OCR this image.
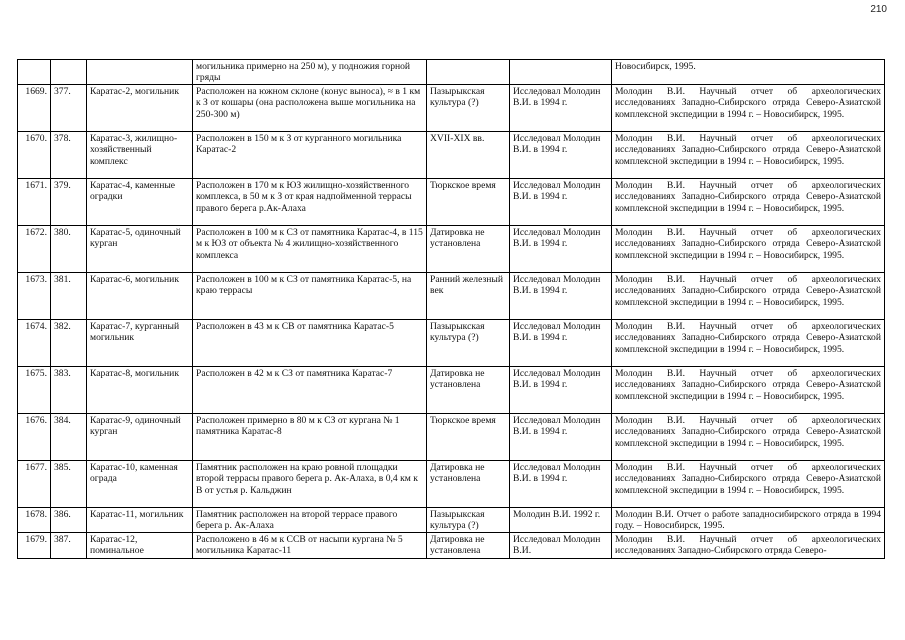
210
			могильника примерно на 250 м), у подножия горной гряды			Новосибирск, 1995.
1669.	377.	Каратас-2, могильник	Расположен на южном склоне (конус выноса), ≈ в 1 км к З от кошары (она расположена выше могильника на 250-300 м)	Пазырыкская культура (?)	Исследовал Молодин В.И. в 1994 г.	Молодин В.И. Научный отчет об археологических исследованиях Западно-Сибирского отряда Северо-Азиатской комплексной экспедиции в 1994 г. – Новосибирск, 1995.
1670.	378.	Каратас-3, жилищно-хозяйственный комплекс	Расположен в 150 м к З от курганного могильника Каратас-2	XVII-XIX вв.	Исследовал Молодин В.И. в 1994 г.	Молодин В.И. Научный отчет об археологических исследованиях Западно-Сибирского отряда Северо-Азиатской комплексной экспедиции в 1994 г. – Новосибирск, 1995.
1671.	379.	Каратас-4, каменные оградки	Расположен в 170 м к ЮЗ жилищно-хозяйственного комплекса, в 50 м к З от края надпойменной террасы правого берега р.Ак-Алаха	Тюркское время	Исследовал Молодин В.И. в 1994 г.	Молодин В.И. Научный отчет об археологических исследованиях Западно-Сибирского отряда Северо-Азиатской комплексной экспедиции в 1994 г. – Новосибирск, 1995.
1672.	380.	Каратас-5, одиночный курган	Расположен в 100 м к СЗ от памятника Каратас-4, в 115 м к ЮЗ от объекта № 4 жилищно-хозяйственного комплекса	Датировка не установлена	Исследовал Молодин В.И. в 1994 г.	Молодин В.И. Научный отчет об археологических исследованиях Западно-Сибирского отряда Северо-Азиатской комплексной экспедиции в 1994 г. – Новосибирск, 1995.
1673.	381.	Каратас-6, могильник	Расположен в 100 м к СЗ от памятника Каратас-5, на краю террасы	Ранний железный век	Исследовал Молодин В.И. в 1994 г.	Молодин В.И. Научный отчет об археологических исследованиях Западно-Сибирского отряда Северо-Азиатской комплексной экспедиции в 1994 г. – Новосибирск, 1995.
1674.	382.	Каратас-7, курганный могильник	Расположен в 43 м к СВ от памятника Каратас-5	Пазырыкская культура (?)	Исследовал Молодин В.И. в 1994 г.	Молодин В.И. Научный отчет об археологических исследованиях Западно-Сибирского отряда Северо-Азиатской комплексной экспедиции в 1994 г. – Новосибирск, 1995.
1675.	383.	Каратас-8, могильник	Расположен в 42 м к СЗ от памятника Каратас-7	Датировка не установлена	Исследовал Молодин В.И. в 1994 г.	Молодин В.И. Научный отчет об археологических исследованиях Западно-Сибирского отряда Северо-Азиатской комплексной экспедиции в 1994 г. – Новосибирск, 1995.
1676.	384.	Каратас-9, одиночный курган	Расположен примерно в 80 м к СЗ от кургана № 1 памятника Каратас-8	Тюркское время	Исследовал Молодин В.И. в 1994 г.	Молодин В.И. Научный отчет об археологических исследованиях Западно-Сибирского отряда Северо-Азиатской комплексной экспедиции в 1994 г. – Новосибирск, 1995.
1677.	385.	Каратас-10, каменная ограда	Памятник расположен на краю ровной площадки второй террасы правого берега р. Ак-Алаха, в 0,4 км к В от устья р. Кальджин	Датировка не установлена	Исследовал Молодин В.И. в 1994 г.	Молодин В.И. Научный отчет об археологических исследованиях Западно-Сибирского отряда Северо-Азиатской комплексной экспедиции в 1994 г. – Новосибирск, 1995.
1678.	386.	Каратас-11, могильник	Памятник расположен на второй террасе правого берега р. Ак-Алаха	Пазырыкская культура (?)	Молодин В.И. 1992 г.	Молодин В.И. Отчет о работе западносибирского отряда в 1994 году. – Новосибирск, 1995.
1679.	387.	Каратас-12, поминальное	Расположено в 46 м к ССВ от насыпи кургана № 5 могильника Каратас-11	Датировка не установлена	Исследовал Молодин В.И.	Молодин В.И. Научный отчет об археологических исследованиях Западно-Сибирского отряда Северо-
